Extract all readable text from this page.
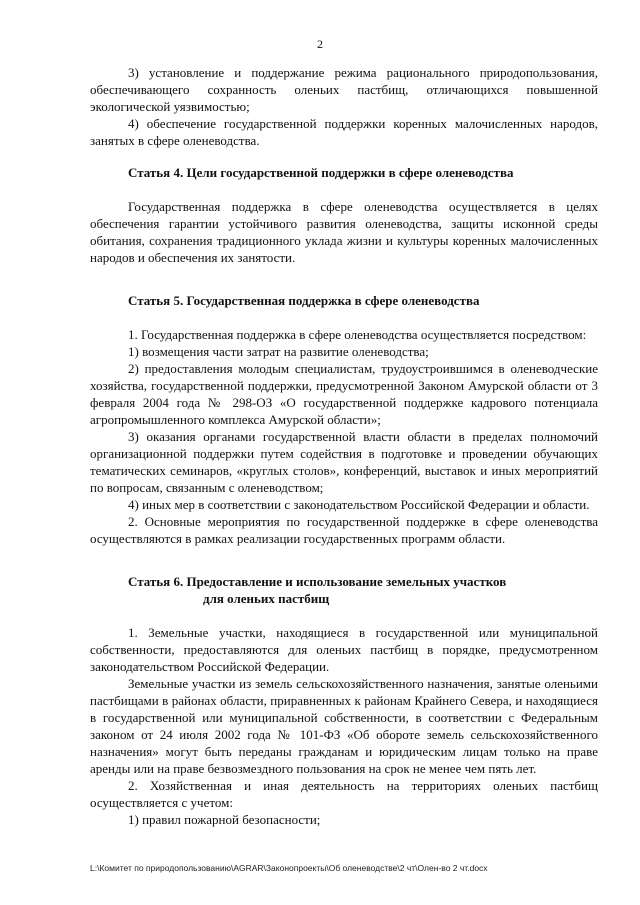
2

3) установление и поддержание режима рационального природопользования, обеспечивающего сохранность оленьих пастбищ, отличающихся повышенной экологической уязвимостью;

4) обеспечение государственной поддержки коренных малочисленных народов, занятых в сфере оленеводства.

Статья 4. Цели государственной поддержки в сфере оленеводства

Государственная поддержка в сфере оленеводства осуществляется в целях обеспечения гарантии устойчивого развития оленеводства, защиты исконной среды обитания, сохранения традиционного уклада жизни и культуры коренных малочисленных народов и обеспечения их занятости.

Статья 5. Государственная поддержка в сфере оленеводства

1. Государственная поддержка в сфере оленеводства осуществляется посредством:

1) возмещения части затрат на развитие оленеводства;

2) предоставления молодым специалистам, трудоустроившимся в оленеводческие хозяйства, государственной поддержки, предусмотренной Законом Амурской области от 3 февраля 2004 года № 298-ОЗ «О государственной поддержке кадрового потенциала агропромышленного комплекса Амурской области»;

3) оказания органами государственной власти области в пределах полномочий организационной поддержки путем содействия в подготовке и проведении обучающих тематических семинаров, «круглых столов», конференций, выставок и иных мероприятий по вопросам, связанным с оленеводством;

4) иных мер в соответствии с законодательством Российской Федерации и области.

2. Основные мероприятия по государственной поддержке в сфере оленеводства осуществляются в рамках реализации государственных программ области.

Статья 6. Предоставление и использование земельных участков
для оленьих пастбищ

1. Земельные участки, находящиеся в государственной или муниципальной собственности, предоставляются для оленьих пастбищ в порядке, предусмотренном законодательством Российской Федерации.

Земельные участки из земель сельскохозяйственного назначения, занятые оленьими пастбищами в районах области, приравненных к районам Крайнего Севера, и находящиеся в государственной или муниципальной собственности, в соответствии с Федеральным законом от 24 июля 2002 года № 101-ФЗ «Об обороте земель сельскохозяйственного назначения» могут быть переданы гражданам и юридическим лицам только на праве аренды или на праве безвозмездного пользования на срок не менее чем пять лет.

2. Хозяйственная и иная деятельность на территориях оленьих пастбищ осуществляется с учетом:

1) правил пожарной безопасности;

L:\Комитет по природопользованию\AGRAR\Законопроекты\Об оленеводстве\2 чт\Олен-во 2 чт.docx
